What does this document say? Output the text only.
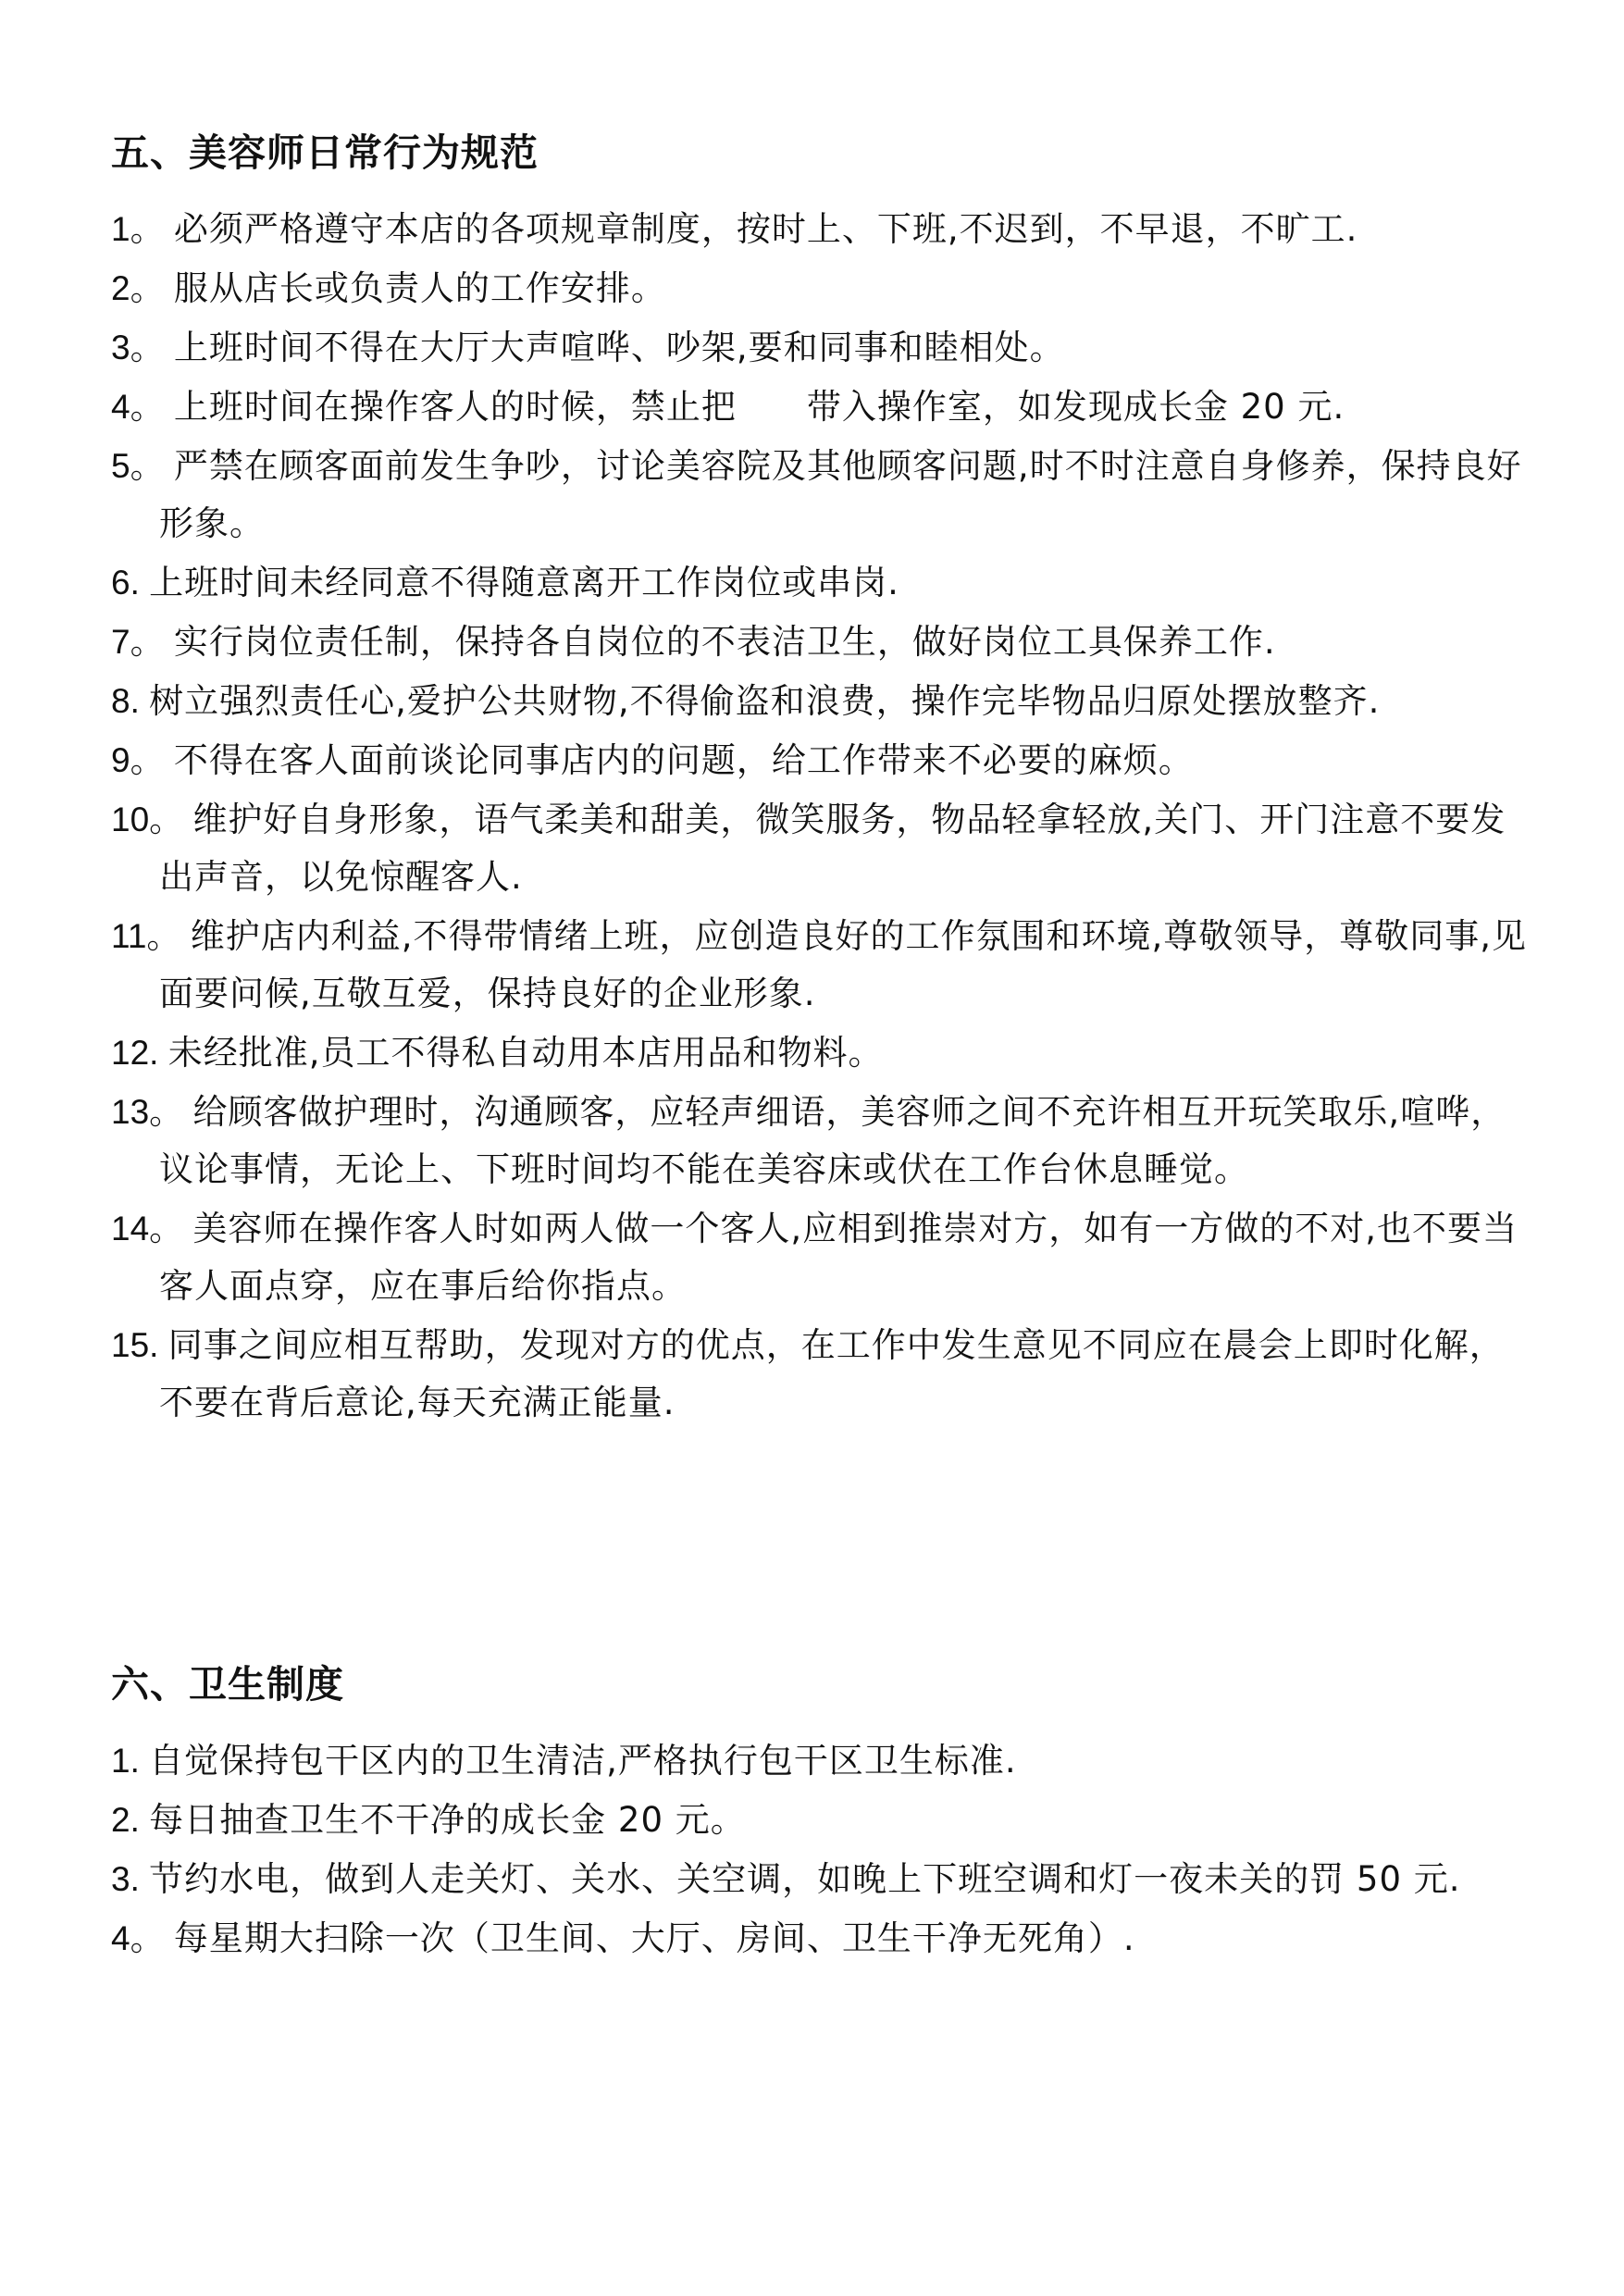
五、美容师日常行为规范
1。 必须严格遵守本店的各项规章制度，按时上、下班,不迟到，不早退，不旷工.
2。 服从店长或负责人的工作安排。
3。 上班时间不得在大厅大声喧哗、吵架,要和同事和睦相处。
4。 上班时间在操作客人的时候，禁止把　　带入操作室，如发现成长金 20 元.
5。 严禁在顾客面前发生争吵，讨论美容院及其他顾客问题,时不时注意自身修养，保持良好形象。
6. 上班时间未经同意不得随意离开工作岗位或串岗.
7。 实行岗位责任制，保持各自岗位的不表洁卫生，做好岗位工具保养工作.
8. 树立强烈责任心,爱护公共财物,不得偷盗和浪费，操作完毕物品归原处摆放整齐.
9。 不得在客人面前谈论同事店内的问题，给工作带来不必要的麻烦。
10。 维护好自身形象，语气柔美和甜美，微笑服务，物品轻拿轻放,关门、开门注意不要发出声音，以免惊醒客人.
11。 维护店内利益,不得带情绪上班，应创造良好的工作氛围和环境,尊敬领导，尊敬同事,见面要问候,互敬互爱，保持良好的企业形象.
12. 未经批准,员工不得私自动用本店用品和物料。
13。 给顾客做护理时，沟通顾客，应轻声细语，美容师之间不充许相互开玩笑取乐,喧哗，议论事情，无论上、下班时间均不能在美容床或伏在工作台休息睡觉。
14。 美容师在操作客人时如两人做一个客人,应相到推崇对方，如有一方做的不对,也不要当客人面点穿，应在事后给你指点。
15. 同事之间应相互帮助，发现对方的优点，在工作中发生意见不同应在晨会上即时化解，不要在背后意论,每天充满正能量.
六、卫生制度
1. 自觉保持包干区内的卫生清洁,严格执行包干区卫生标准.
2. 每日抽查卫生不干净的成长金 20 元。
3. 节约水电，做到人走关灯、关水、关空调，如晚上下班空调和灯一夜未关的罚 50 元.
4。 每星期大扫除一次（卫生间、大厅、房间、卫生干净无死角）.
